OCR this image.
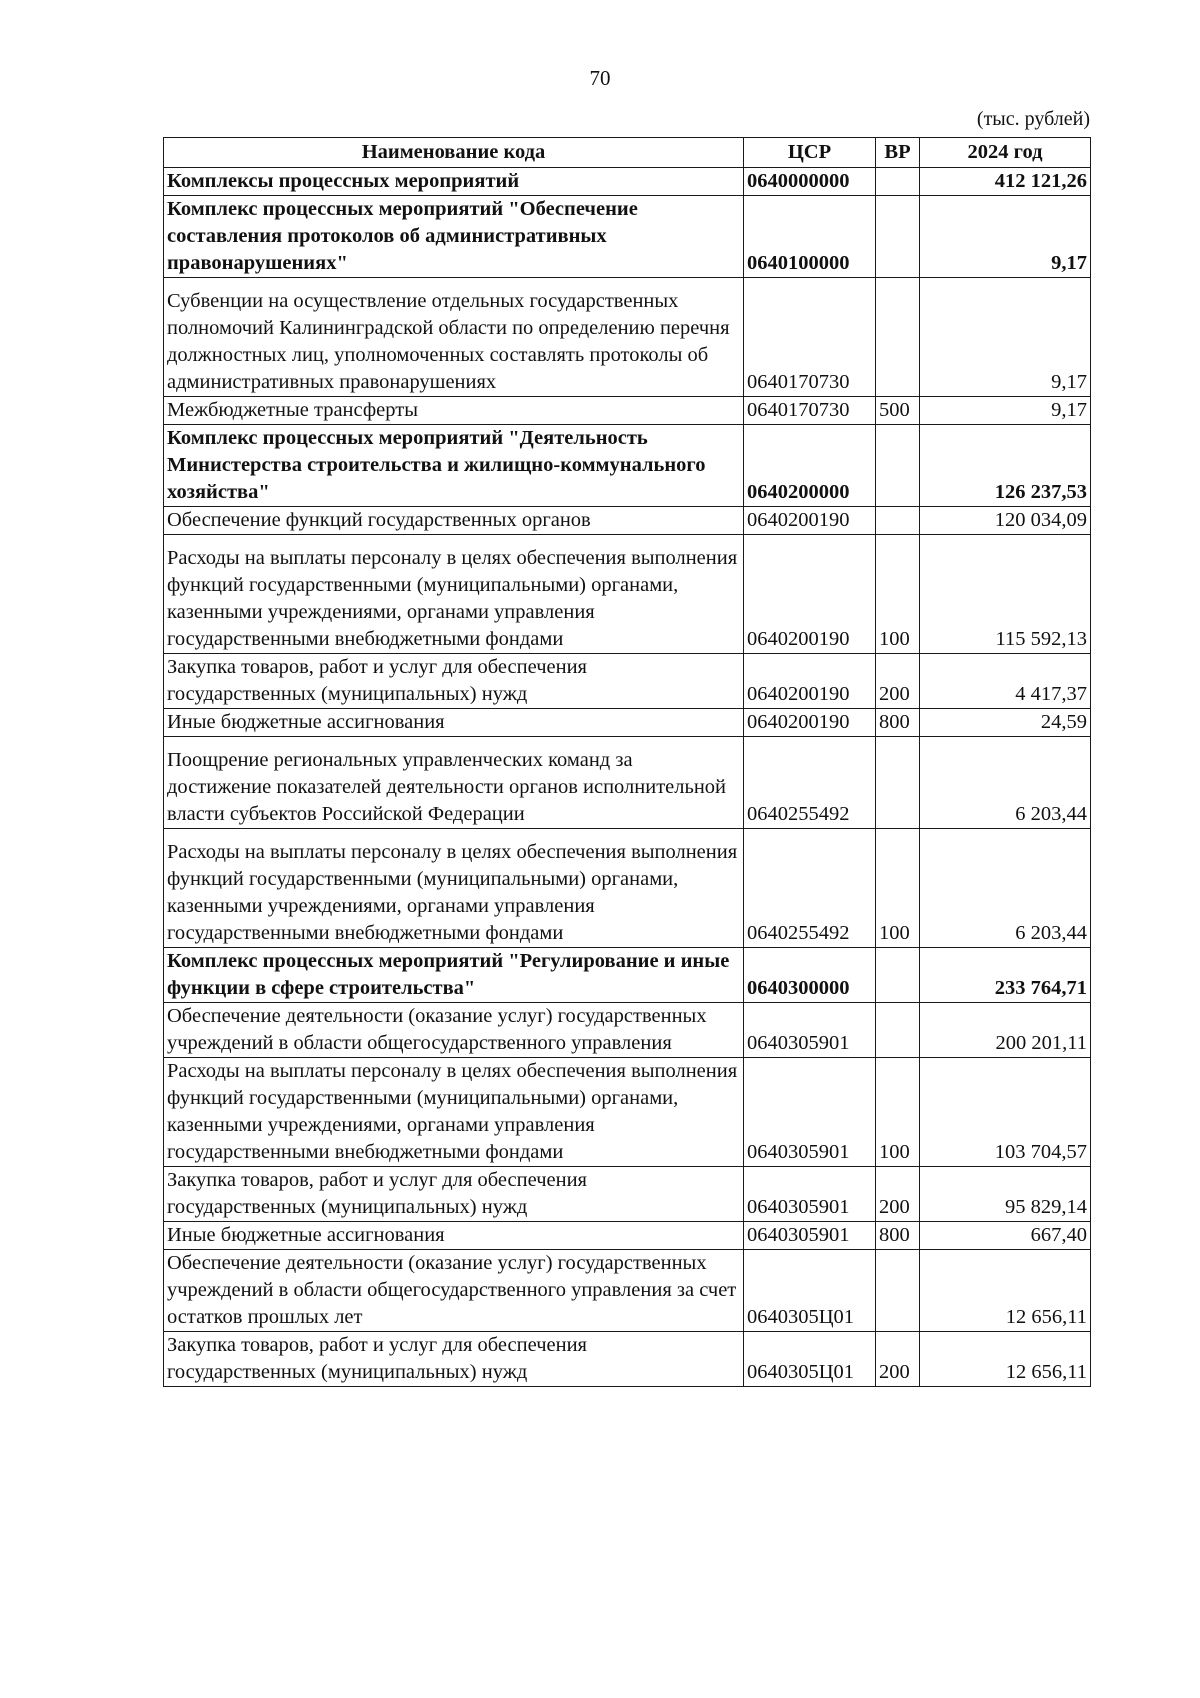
70
(тыс. рублей)
Наименование кода	ЦСР	ВР	2024 год
Комплексы процессных мероприятий	0640000000		412 121,26
Комплекс процессных мероприятий "Обеспечение составления протоколов об административных правонарушениях"	0640100000		9,17
Субвенции на осуществление отдельных государственных полномочий Калининградской области по определению перечня должностных лиц, уполномоченных составлять протоколы об административных правонарушениях	0640170730		9,17
Межбюджетные трансферты	0640170730	500	9,17
Комплекс процессных мероприятий "Деятельность Министерства строительства и жилищно-коммунального хозяйства"	0640200000		126 237,53
Обеспечение функций государственных органов	0640200190		120 034,09
Расходы на выплаты персоналу в целях обеспечения выполнения функций государственными (муниципальными) органами, казенными учреждениями, органами управления государственными внебюджетными фондами	0640200190	100	115 592,13
Закупка товаров, работ и услуг для обеспечения государственных (муниципальных) нужд	0640200190	200	4 417,37
Иные бюджетные ассигнования	0640200190	800	24,59
Поощрение региональных управленческих команд за достижение показателей деятельности органов исполнительной власти субъектов Российской Федерации	0640255492		6 203,44
Расходы на выплаты персоналу в целях обеспечения выполнения функций государственными (муниципальными) органами, казенными учреждениями, органами управления государственными внебюджетными фондами	0640255492	100	6 203,44
Комплекс процессных мероприятий "Регулирование и иные функции в сфере строительства"	0640300000		233 764,71
Обеспечение деятельности (оказание услуг) государственных учреждений в области общегосударственного управления	0640305901		200 201,11
Расходы на выплаты персоналу в целях обеспечения выполнения функций государственными (муниципальными) органами, казенными учреждениями, органами управления государственными внебюджетными фондами	0640305901	100	103 704,57
Закупка товаров, работ и услуг для обеспечения государственных (муниципальных) нужд	0640305901	200	95 829,14
Иные бюджетные ассигнования	0640305901	800	667,40
Обеспечение деятельности (оказание услуг) государственных учреждений в области общегосударственного управления за счет остатков прошлых лет	0640305Ц01		12 656,11
Закупка товаров, работ и услуг для обеспечения государственных (муниципальных) нужд	0640305Ц01	200	12 656,11
